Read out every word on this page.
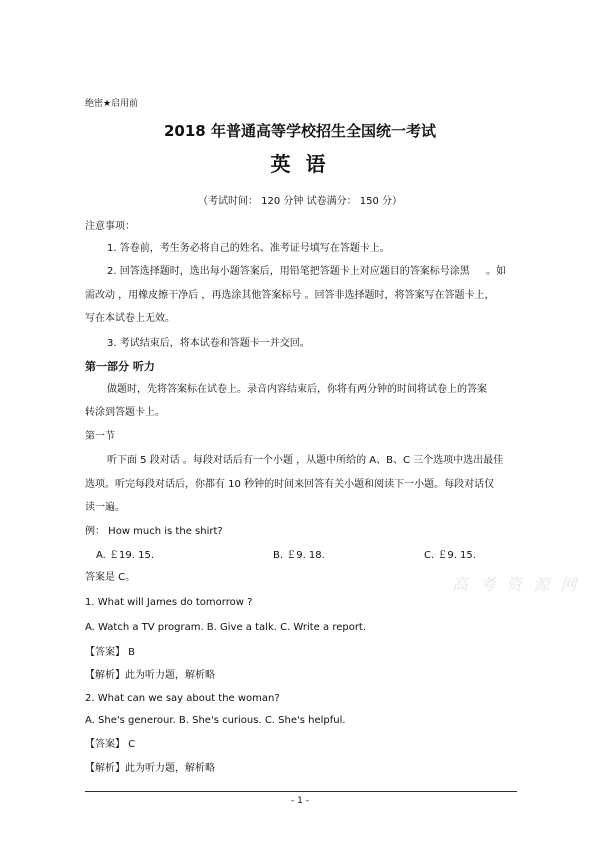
绝密★启用前
2018 年普通高等学校招生全国统一考试
英 语
（考试时间： 120 分钟 试卷满分： 150 分）
注意事项：
1. 答卷前，考生务必将自己的姓名、准考证号填写在答题卡上。
2. 回答选择题时，选出每小题答案后，用铅笔把答题卡上对应题目的答案标号涂黑 。如
需改动 ，用橡皮擦干净后 ，再选涂其他答案标号 。回答非选择题时，将答案写在答题卡上，
写在本试卷上无效。
3. 考试结束后，将本试卷和答题卡一并交回。
第一部分 听力
做题时，先将答案标在试卷上。录音内容结束后，你将有两分钟的时间将试卷上的答案
转涂到答题卡上。
第一节
听下面 5 段对话 。每段对话后有一个小题 ，从题中所给的 A、B、C 三个选项中选出最佳
选项。听完每段对话后，你都有 10 秒钟的时间来回答有关小题和阅读下一小题。每段对话仅
读一遍。
例： How much is the shirt?
A. ￡19. 15.	B. ￡9. 18.	C. ￡9. 15.
答案是 C。	高 考 资 源 网
1. What will James do tomorrow ?
A. Watch a TV program. B. Give a talk. C. Write a report.
【答案】 B
【解析】此为听力题，解析略
2. What can we say about the woman?
A. She's generour. B. She's curious. C. She's helpful.
【答案】 C
【解析】此为听力题，解析略
- 1 -
